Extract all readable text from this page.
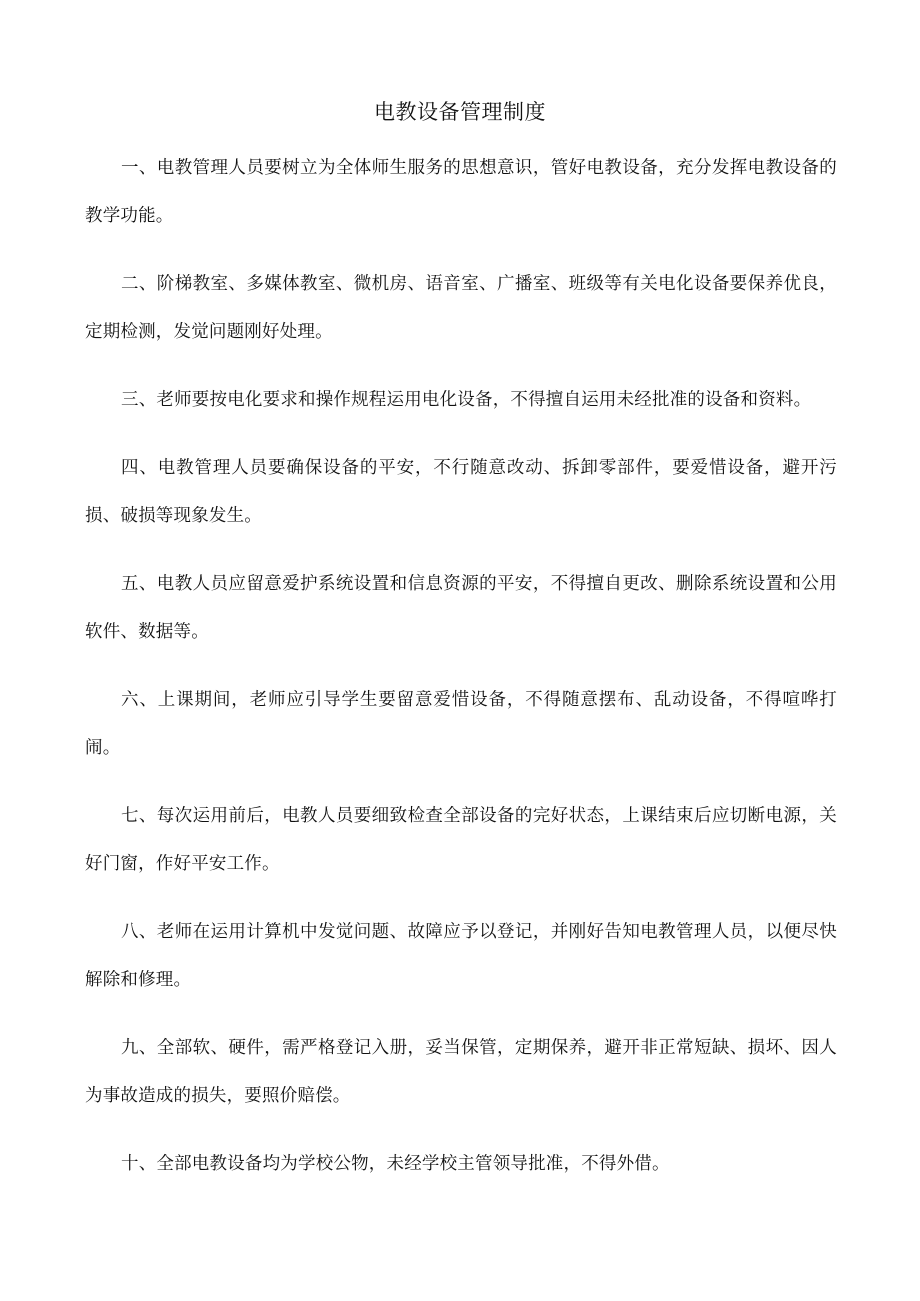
电教设备管理制度

一、电教管理人员要树立为全体师生服务的思想意识，管好电教设备，充分发挥电教设备的教学功能。

二、阶梯教室、多媒体教室、微机房、语音室、广播室、班级等有关电化设备要保养优良，定期检测，发觉问题刚好处理。

三、老师要按电化要求和操作规程运用电化设备，不得擅自运用未经批准的设备和资料。

四、电教管理人员要确保设备的平安，不行随意改动、拆卸零部件，要爱惜设备，避开污损、破损等现象发生。

五、电教人员应留意爱护系统设置和信息资源的平安，不得擅自更改、删除系统设置和公用软件、数据等。

六、上课期间，老师应引导学生要留意爱惜设备，不得随意摆布、乱动设备，不得喧哗打闹。

七、每次运用前后，电教人员要细致检查全部设备的完好状态，上课结束后应切断电源，关好门窗，作好平安工作。

八、老师在运用计算机中发觉问题、故障应予以登记，并刚好告知电教管理人员，以便尽快解除和修理。

九、全部软、硬件，需严格登记入册，妥当保管，定期保养，避开非正常短缺、损坏、因人为事故造成的损失，要照价赔偿。

十、全部电教设备均为学校公物，未经学校主管领导批准，不得外借。
